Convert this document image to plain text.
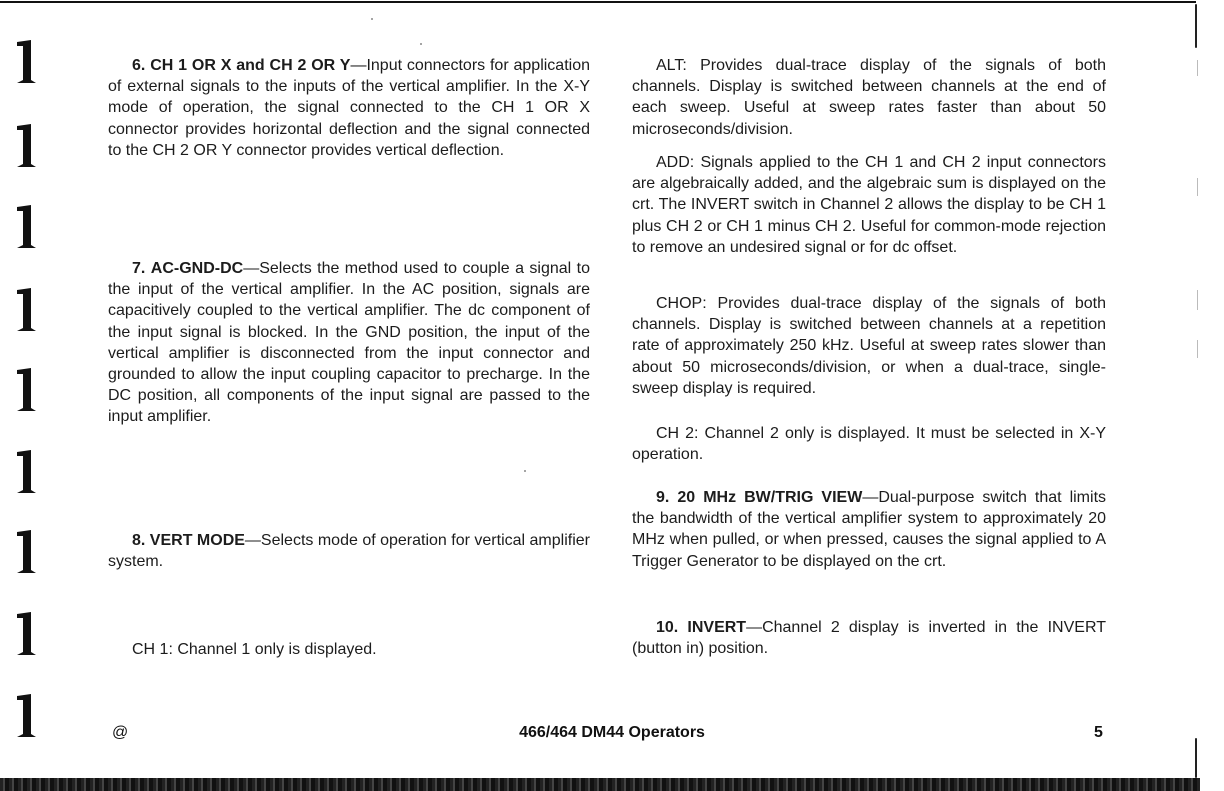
6. CH 1 OR X and CH 2 OR Y—Input connectors for application of external signals to the inputs of the vertical amplifier. In the X-Y mode of operation, the signal connected to the CH 1 OR X connector provides horizontal deflection and the signal connected to the CH 2 OR Y connector provides vertical deflection.

7. AC-GND-DC—Selects the method used to couple a signal to the input of the vertical amplifier. In the AC position, signals are capacitively coupled to the vertical amplifier. The dc component of the input signal is blocked. In the GND position, the input of the vertical amplifier is disconnected from the input connector and grounded to allow the input coupling capacitor to precharge. In the DC position, all components of the input signal are passed to the input amplifier.

8. VERT MODE—Selects mode of operation for vertical amplifier system.

CH 1: Channel 1 only is displayed.

ALT: Provides dual-trace display of the signals of both channels. Display is switched between channels at the end of each sweep. Useful at sweep rates faster than about 50 microseconds/division.

ADD: Signals applied to the CH 1 and CH 2 input connectors are algebraically added, and the algebraic sum is displayed on the crt. The INVERT switch in Channel 2 allows the display to be CH 1 plus CH 2 or CH 1 minus CH 2. Useful for common-mode rejection to remove an undesired signal or for dc offset.

CHOP: Provides dual-trace display of the signals of both channels. Display is switched between channels at a repetition rate of approximately 250 kHz. Useful at sweep rates slower than about 50 microseconds/division, or when a dual-trace, single-sweep display is required.

CH 2: Channel 2 only is displayed. It must be selected in X-Y operation.

9. 20 MHz BW/TRIG VIEW—Dual-purpose switch that limits the bandwidth of the vertical amplifier system to approximately 20 MHz when pulled, or when pressed, causes the signal applied to A Trigger Generator to be displayed on the crt.

10. INVERT—Channel 2 display is inverted in the INVERT (button in) position.

@	466/464 DM44 Operators	5
